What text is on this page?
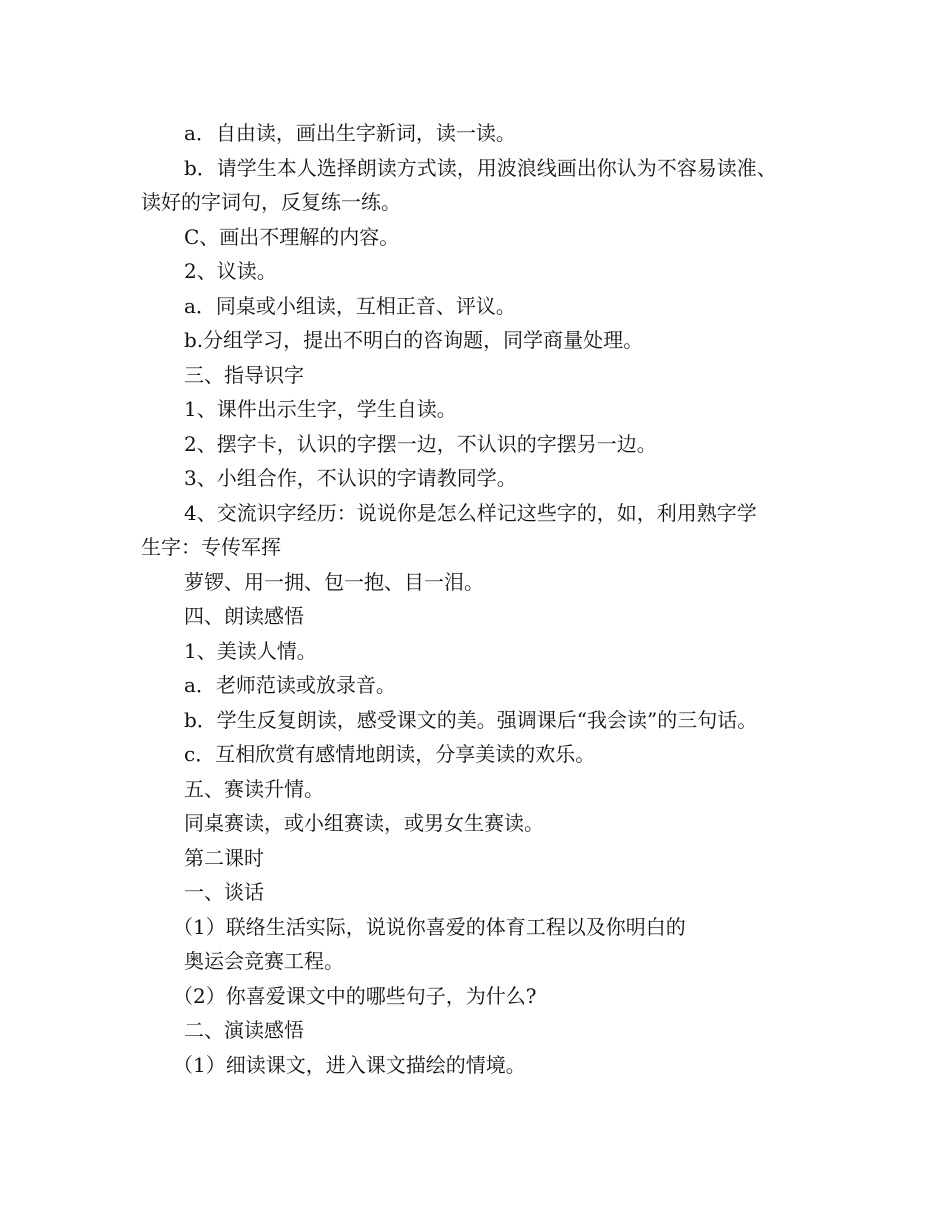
a．自由读，画出生字新词，读一读。
b．请学生本人选择朗读方式读，用波浪线画出你认为不容易读准、
读好的字词句，反复练一练。
C、画出不理解的内容。
2、议读。
a．同桌或小组读，互相正音、评议。
b.分组学习，提出不明白的咨询题，同学商量处理。
三、指导识字
1、课件出示生字，学生自读。
2、摆字卡，认识的字摆一边，不认识的字摆另一边。
3、小组合作，不认识的字请教同学。
4、交流识字经历：说说你是怎么样记这些字的，如，利用熟字学
生字：专传军挥
萝锣、用一拥、包一抱、目一泪。
四、朗读感悟
1、美读人情。
a．老师范读或放录音。
b．学生反复朗读，感受课文的美。强调课后“我会读”的三句话。
c．互相欣赏有感情地朗读，分享美读的欢乐。
五、赛读升情。
同桌赛读，或小组赛读，或男女生赛读。
第二课时
一、谈话
（1）联络生活实际，说说你喜爱的体育工程以及你明白的
奥运会竞赛工程。
（2）你喜爱课文中的哪些句子，为什么?
二、演读感悟
（1）细读课文，进入课文描绘的情境。
